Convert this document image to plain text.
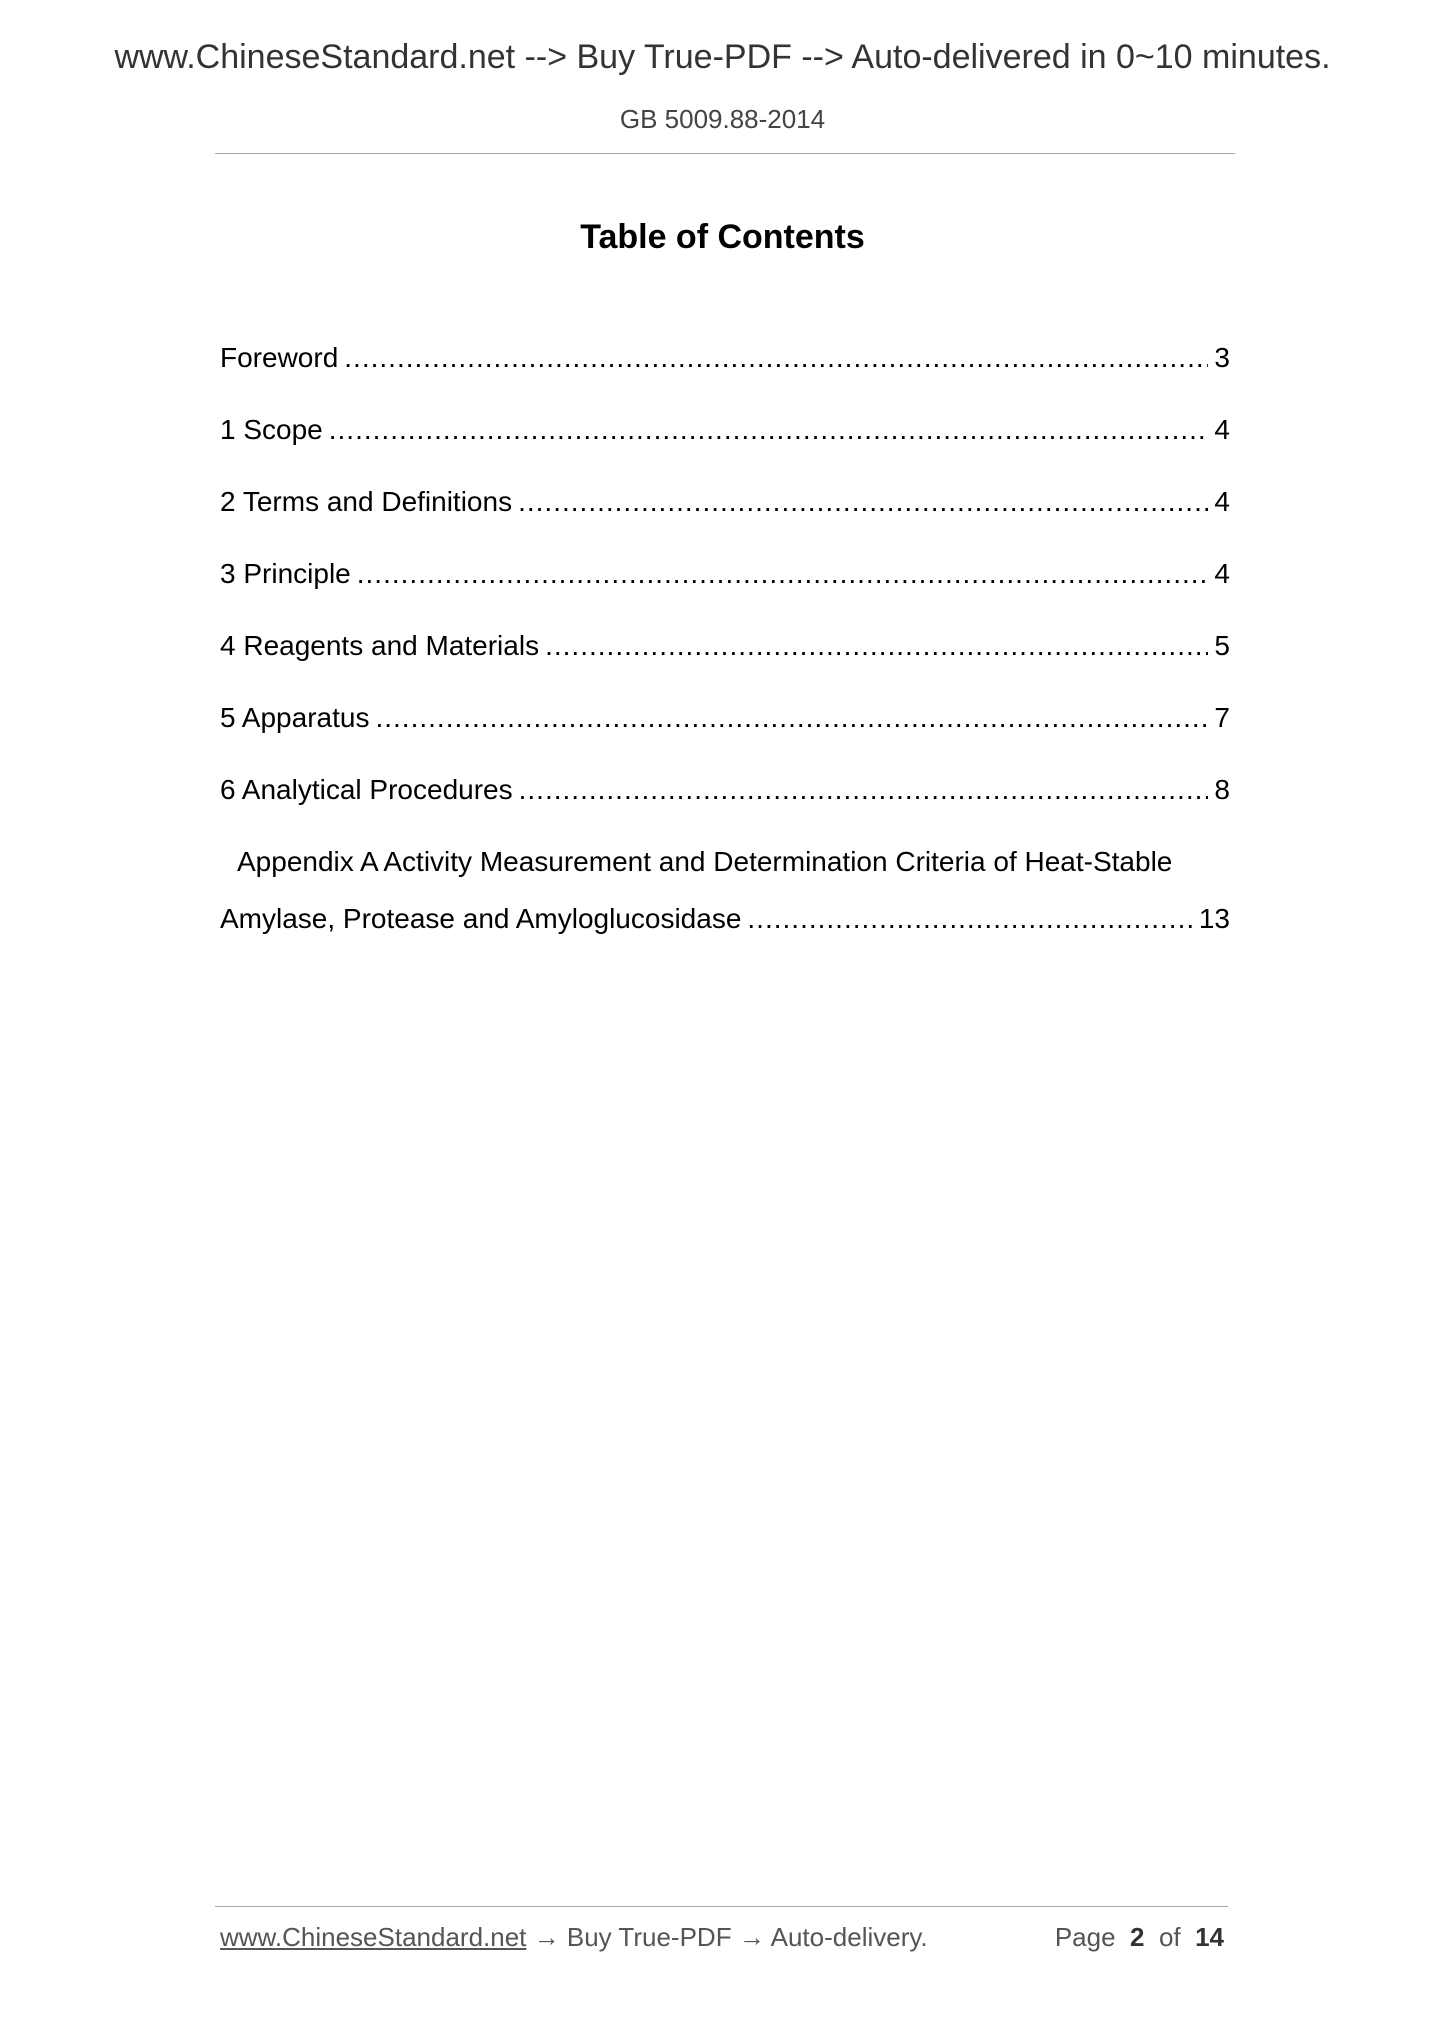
www.ChineseStandard.net --> Buy True-PDF --> Auto-delivered in 0~10 minutes.
GB 5009.88-2014
Table of Contents
Foreword .....	3
1 Scope .....	4
2 Terms and Definitions .....	4
3 Principle .....	4
4 Reagents and Materials .....	5
5 Apparatus .....	7
6 Analytical Procedures .....	8
Appendix A Activity Measurement and Determination Criteria of Heat-Stable
Amylase, Protease and Amyloglucosidase .....	13
www.ChineseStandard.net → Buy True-PDF → Auto-delivery.	Page 2 of 14
